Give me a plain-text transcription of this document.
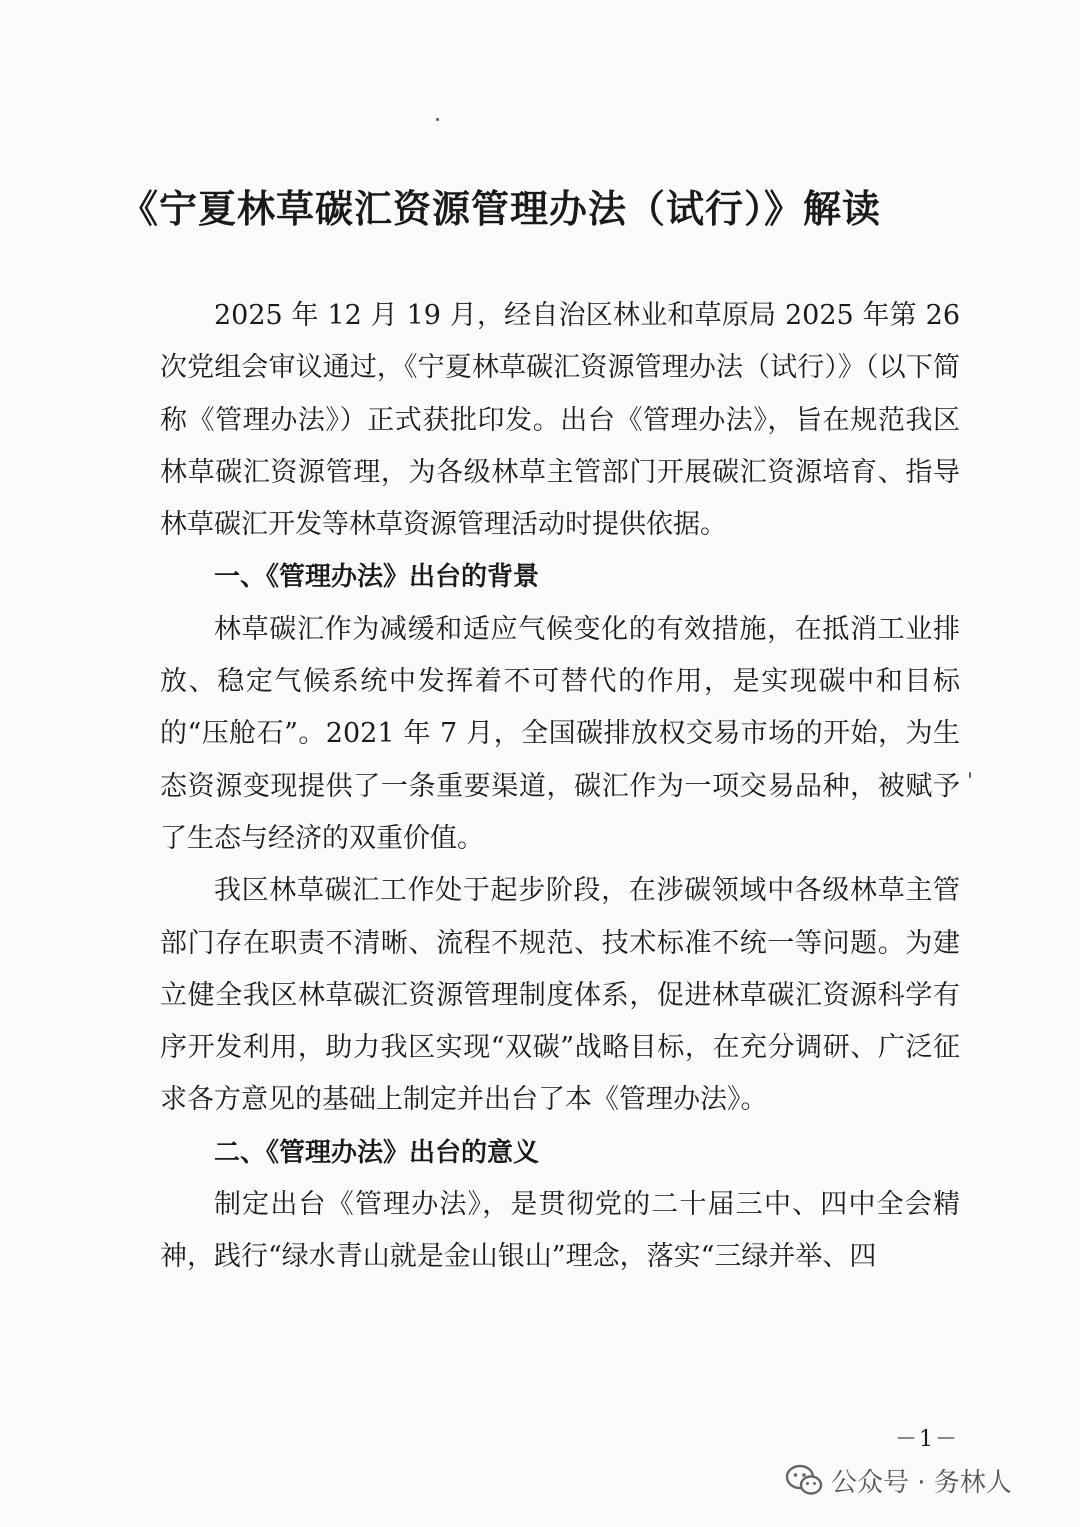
《宁夏林草碳汇资源管理办法（试行）》解读

2025 年 12 月 19 月，经自治区林业和草原局 2025 年第 26 次党组会审议通过，《宁夏林草碳汇资源管理办法（试行）》（以下简称《管理办法》）正式获批印发。出台《管理办法》，旨在规范我区林草碳汇资源管理，为各级林草主管部门开展碳汇资源培育、指导林草碳汇开发等林草资源管理活动时提供依据。

一、《管理办法》出台的背景

林草碳汇作为减缓和适应气候变化的有效措施，在抵消工业排放、稳定气候系统中发挥着不可替代的作用，是实现碳中和目标的“压舱石”。2021 年 7 月，全国碳排放权交易市场的开始，为生态资源变现提供了一条重要渠道，碳汇作为一项交易品种，被赋予了生态与经济的双重价值。

我区林草碳汇工作处于起步阶段，在涉碳领域中各级林草主管部门存在职责不清晰、流程不规范、技术标准不统一等问题。为建立健全我区林草碳汇资源管理制度体系，促进林草碳汇资源科学有序开发利用，助力我区实现“双碳”战略目标，在充分调研、广泛征求各方意见的基础上制定并出台了本《管理办法》。

二、《管理办法》出台的意义

制定出台《管理办法》，是贯彻党的二十届三中、四中全会精神，践行“绿水青山就是金山银山”理念，落实“三绿并举、四

－1－
公众号 · 务林人
